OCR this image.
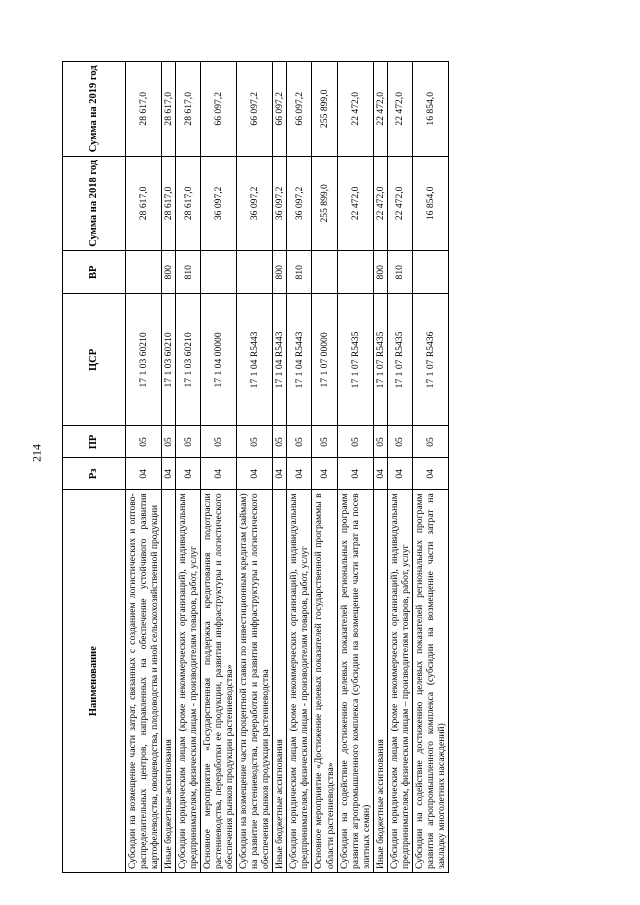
214
Наименование	Рз	ПР	ЦСР	ВР	Сумма на 2018 год	Сумма на 2019 год
Субсидии на возмещение части затрат, связанных с созданием логистических и оптово-распределительных центров, направленных на обеспечение устойчивого развития картофелеводства, овощеводства, плодоводства и иной сельскохозяйственной продукции	04	05	17 1 03 60210		28 617,0	28 617,0
Иные бюджетные ассигнования	04	05	17 1 03 60210	800	28 617,0	28 617,0
Субсидии юридическим лицам (кроме некоммерческих организаций), индивидуальным предпринимателям, физическим лицам - производителям товаров, работ, услуг	04	05	17 1 03 60210	810	28 617,0	28 617,0
Основное мероприятие «Государственная поддержка кредитования подотрасли растениеводства, переработки ее продукции, развития инфраструктуры и логистического обеспечения рынков продукции растениеводства»	04	05	17 1 04 00000		36 097,2	66 097,2
Субсидии на возмещение части процентной ставки по инвестиционным кредитам (займам) на развитие растениеводства, переработки и развития инфраструктуры и логистического обеспечения рынков продукции растениеводства	04	05	17 1 04 R5443		36 097,2	66 097,2
Иные бюджетные ассигнования	04	05	17 1 04 R5443	800	36 097,2	66 097,2
Субсидии юридическим лицам (кроме некоммерческих организаций), индивидуальным предпринимателям, физическим лицам - производителям товаров, работ, услуг	04	05	17 1 04 R5443	810	36 097,2	66 097,2
Основное мероприятие «Достижение целевых показателей государственной программы в области растениеводства»	04	05	17 1 07 00000		255 899,0	255 899,0
Субсидии на содействие достижению целевых показателей региональных программ развития агропромышленного комплекса (субсидии на возмещение части затрат на посев элитных семян)	04	05	17 1 07 R5435		22 472,0	22 472,0
Иные бюджетные ассигнования	04	05	17 1 07 R5435	800	22 472,0	22 472,0
Субсидии юридическим лицам (кроме некоммерческих организаций), индивидуальным предпринимателям, физическим лицам – производителям товаров, работ, услуг	04	05	17 1 07 R5435	810	22 472,0	22 472,0
Субсидии на содействие достижению целевых показателей региональных программ развития агропромышленного комплекса (субсидии на возмещение части затрат на закладку многолетних насаждений)	04	05	17 1 07 R5436		16 854,0	16 854,0
